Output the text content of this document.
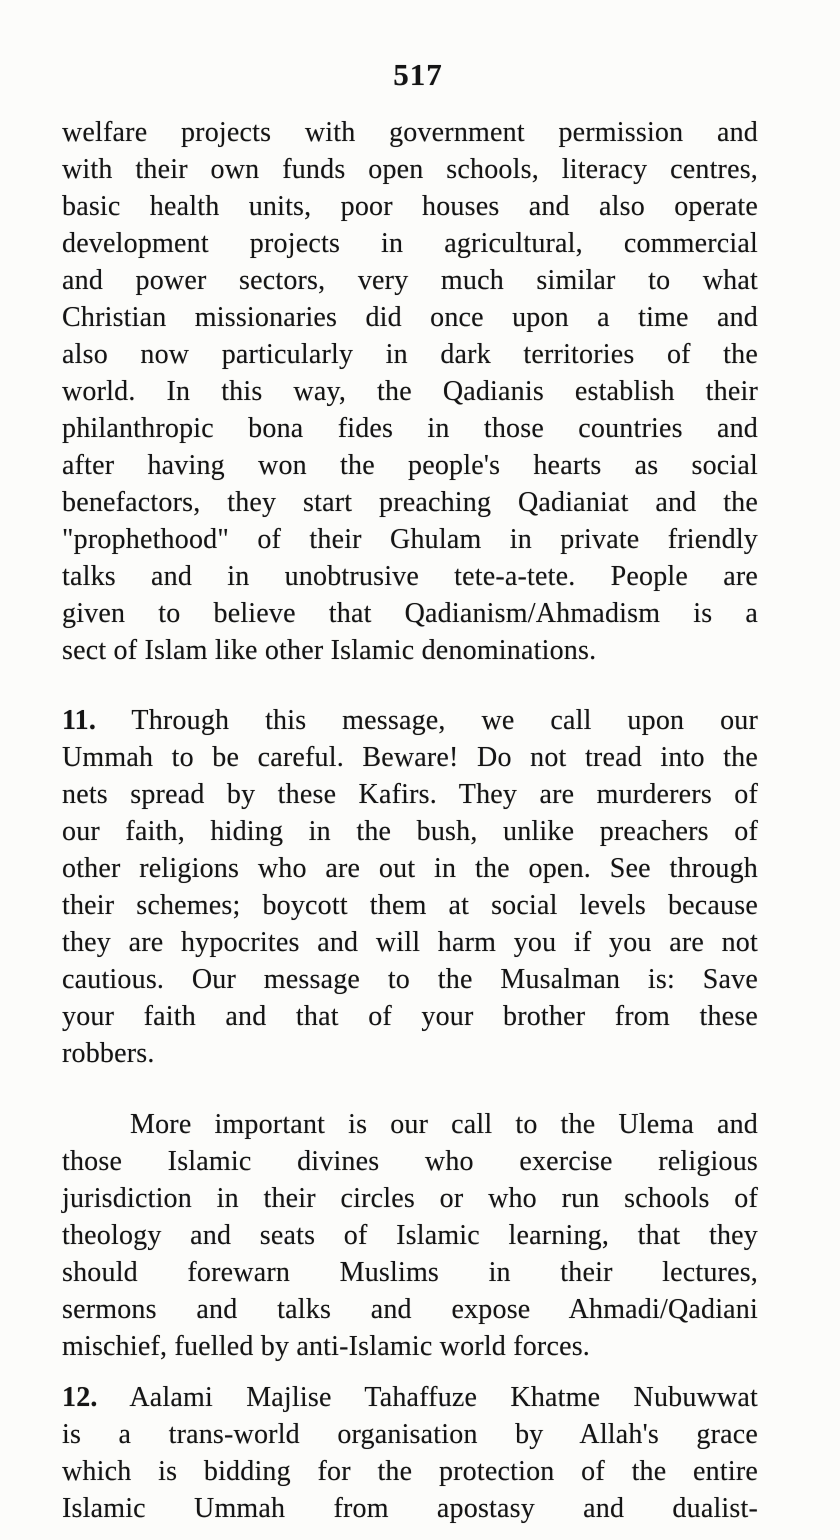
517
welfare projects with government permission and
with their own funds open schools, literacy centres,
basic health units, poor houses and also operate
development projects in agricultural, commercial
and power sectors, very much similar to what
Christian missionaries did once upon a time and
also now particularly in dark territories of the
world. In this way, the Qadianis establish their
philanthropic bona fides in those countries and
after having won the people's hearts as social
benefactors, they start preaching Qadianiat and the
"prophethood" of their Ghulam in private friendly
talks and in unobtrusive tete-a-tete. People are
given to believe that Qadianism/Ahmadism is a
sect of Islam like other Islamic denominations.
11. Through this message, we call upon our
Ummah to be careful. Beware! Do not tread into the
nets spread by these Kafirs. They are murderers of
our faith, hiding in the bush, unlike preachers of
other religions who are out in the open. See through
their schemes; boycott them at social levels because
they are hypocrites and will harm you if you are not
cautious. Our message to the Musalman is: Save
your faith and that of your brother from these
robbers.
More important is our call to the Ulema and
those Islamic divines who exercise religious
jurisdiction in their circles or who run schools of
theology and seats of Islamic learning, that they
should forewarn Muslims in their lectures,
sermons and talks and expose Ahmadi/Qadiani
mischief, fuelled by anti-Islamic world forces.
12. Aalami Majlise Tahaffuze Khatme Nubuwwat
is a trans-world organisation by Allah's grace
which is bidding for the protection of the entire
Islamic Ummah from apostasy and dualist-
